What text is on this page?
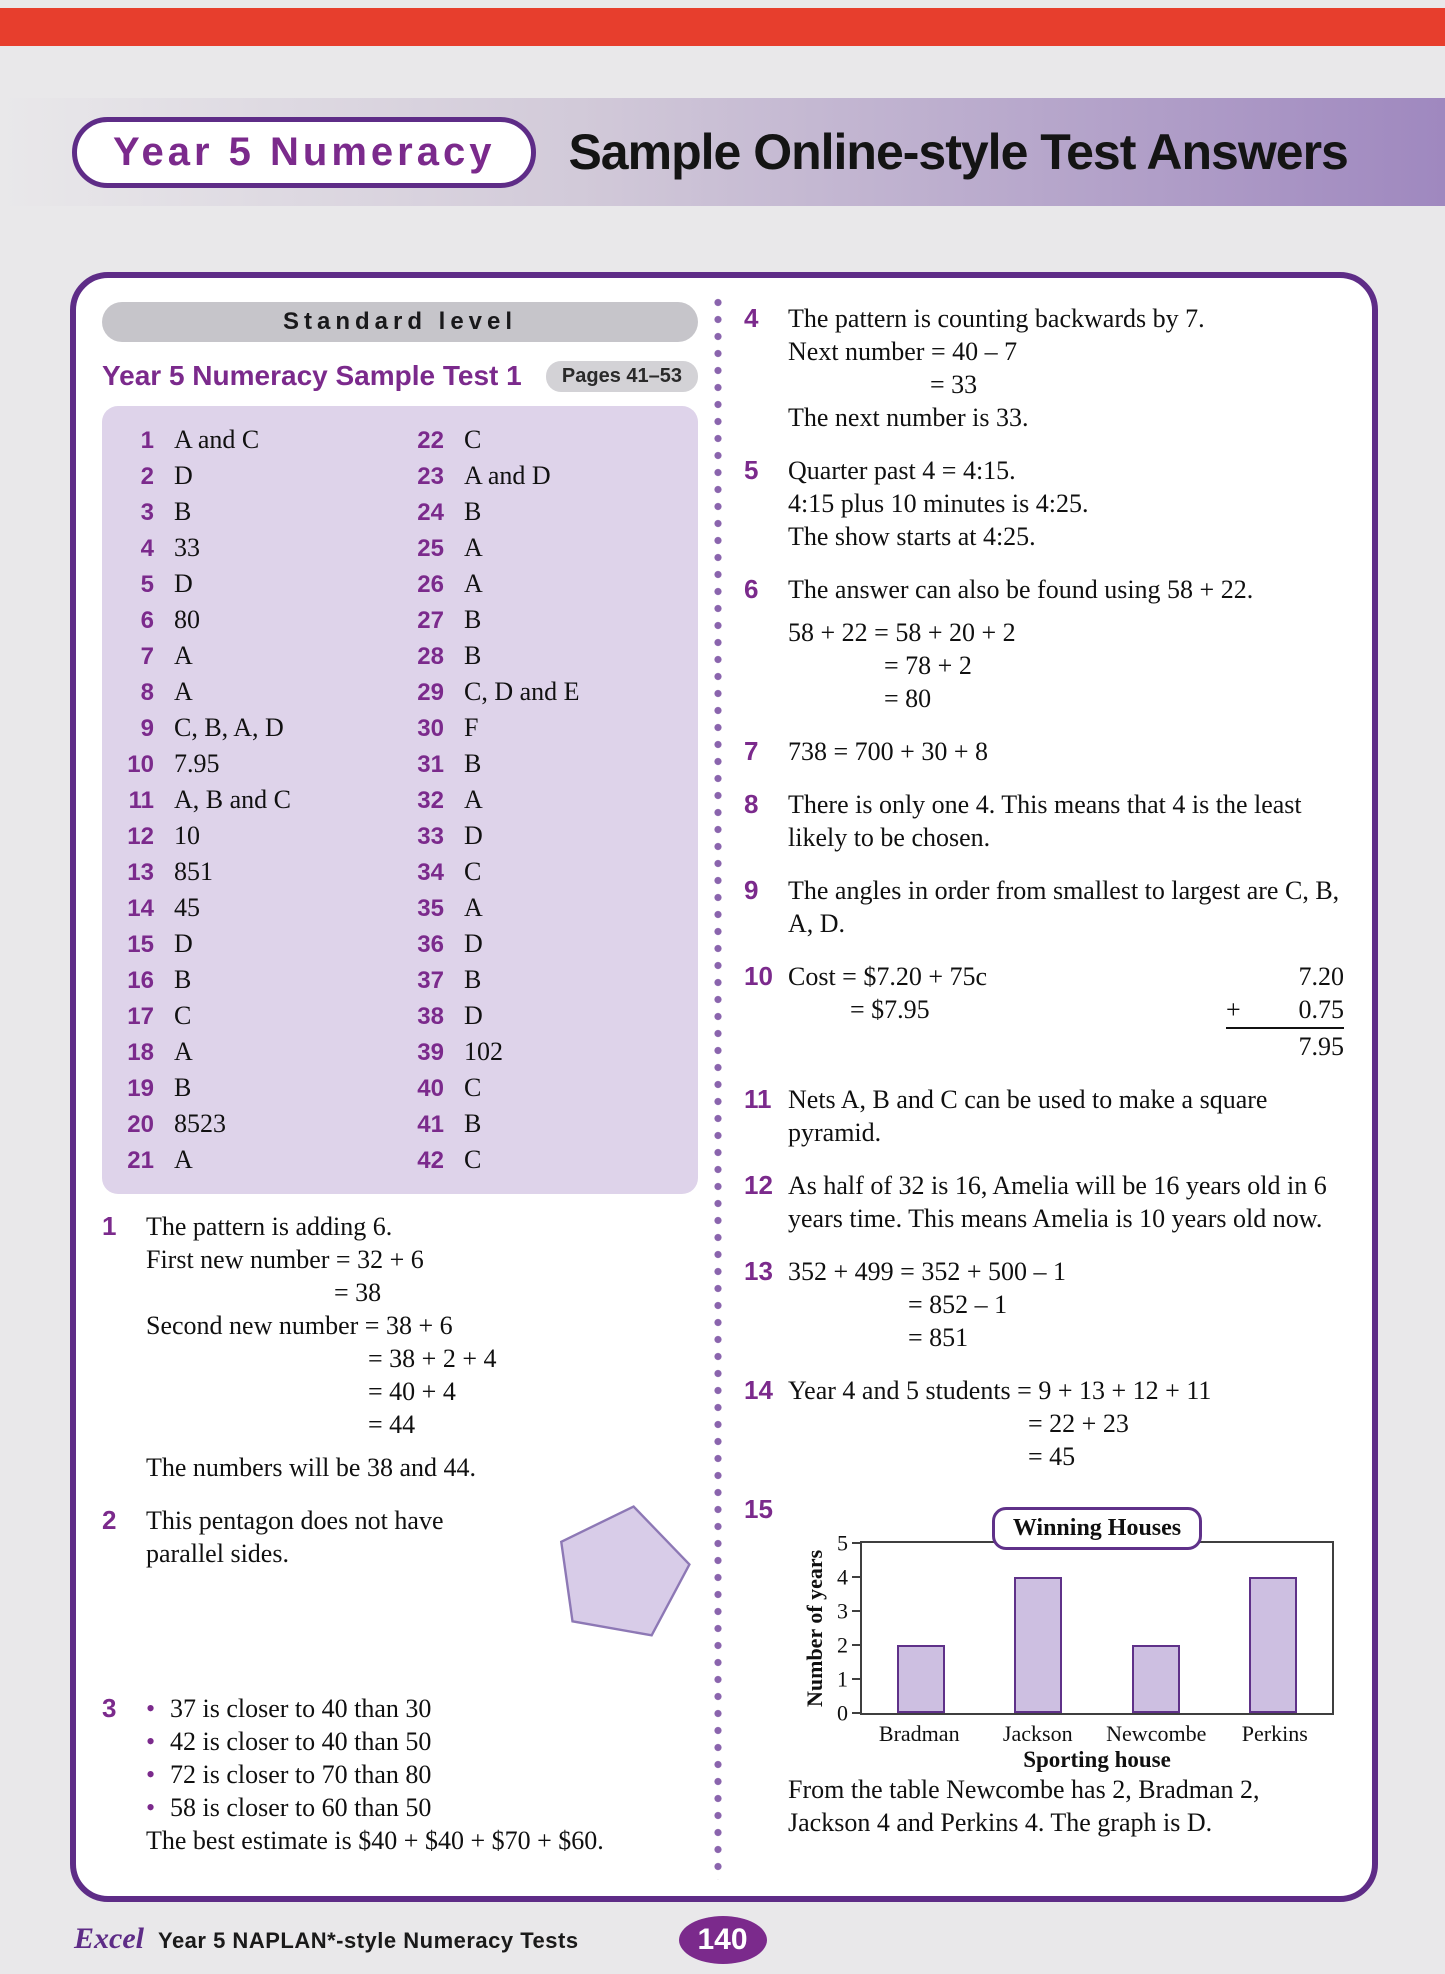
Year 5 Numeracy	Sample Online-style Test Answers
Standard level
Year 5 Numeracy Sample Test 1	Pages 41–53
1 A and C
2 D
3 B
4 33
5 D
6 80
7 A
8 A
9 C, B, A, D
10 7.95
11 A, B and C
12 10
13 851
14 45
15 D
16 B
17 C
18 A
19 B
20 8523
21 A
22 C
23 A and D
24 B
25 A
26 A
27 B
28 B
29 C, D and E
30 F
31 B
32 A
33 D
34 C
35 A
36 D
37 B
38 D
39 102
40 C
41 B
42 C
1	The pattern is adding 6.
First new number = 32 + 6
= 38
Second new number = 38 + 6
= 38 + 2 + 4
= 40 + 4
= 44
The numbers will be 38 and 44.
2	This pentagon does not have parallel sides.
3	• 37 is closer to 40 than 30
• 42 is closer to 40 than 50
• 72 is closer to 70 than 80
• 58 is closer to 60 than 50
The best estimate is $40 + $40 + $70 + $60.
4	The pattern is counting backwards by 7.
Next number = 40 – 7
= 33
The next number is 33.
5	Quarter past 4 = 4:15.
4:15 plus 10 minutes is 4:25.
The show starts at 4:25.
6	The answer can also be found using 58 + 22.
58 + 22 = 58 + 20 + 2
= 78 + 2
= 80
7	738 = 700 + 30 + 8
8	There is only one 4. This means that 4 is the least likely to be chosen.
9	The angles in order from smallest to largest are C, B, A, D.
10 Cost = $7.20 + 75c
= $7.95
7.20
+ 0.75
7.95
11 Nets A, B and C can be used to make a square pyramid.
12 As half of 32 is 16, Amelia will be 16 years old in 6 years time. This means Amelia is 10 years old now.
13 352 + 499 = 352 + 500 – 1
= 852 – 1
= 851
14 Year 4 and 5 students = 9 + 13 + 12 + 11
= 22 + 23
= 45
15
Winning Houses
Number of years
0
1
2
3
4
5
Bradman Jackson Newcombe Perkins
Sporting house
From the table Newcombe has 2, Bradman 2, Jackson 4 and Perkins 4. The graph is D.
Excel Year 5 NAPLAN*-style Numeracy Tests	140
